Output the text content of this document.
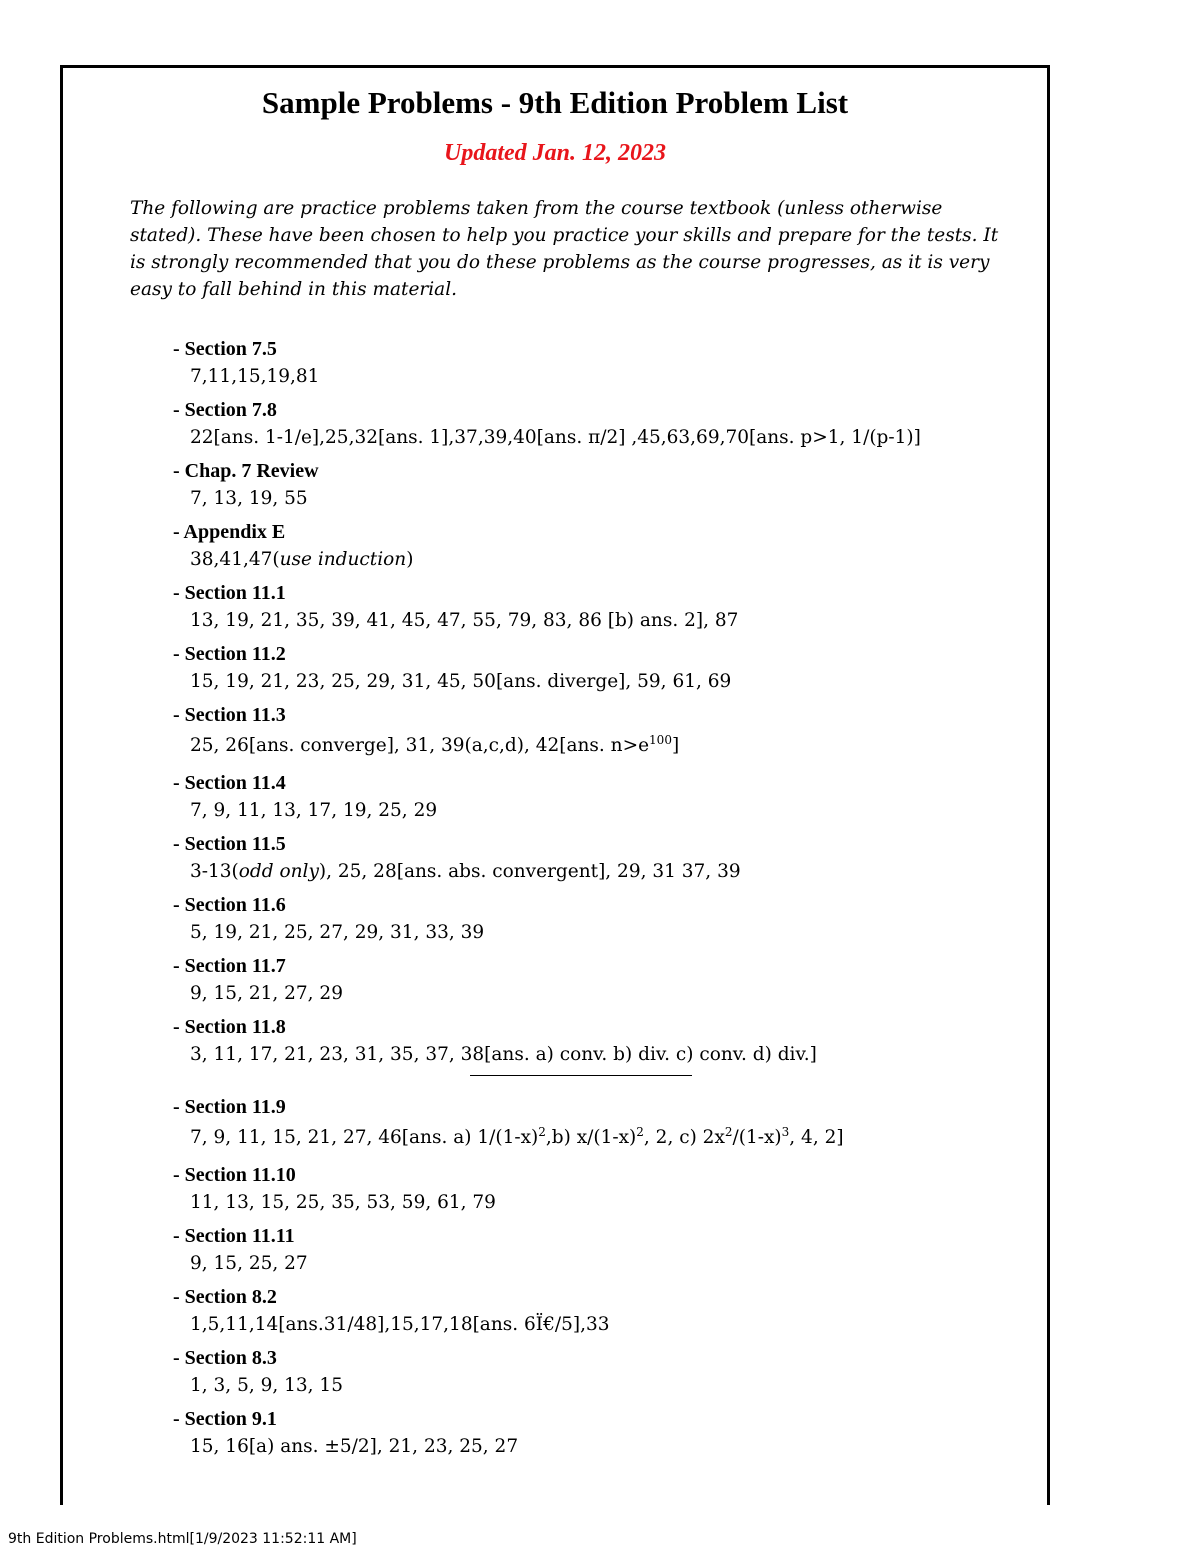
Sample Problems - 9th Edition Problem List
Updated Jan. 12, 2023
The following are practice problems taken from the course textbook (unless otherwise stated). These have been chosen to help you practice your skills and prepare for the tests. It is strongly recommended that you do these problems as the course progresses, as it is very easy to fall behind in this material.
- Section 7.5
7,11,15,19,81
- Section 7.8
22[ans. 1-1/e],25,32[ans. 1],37,39,40[ans. π/2] ,45,63,69,70[ans. p>1, 1/(p-1)]
- Chap. 7 Review
7, 13, 19, 55
- Appendix E
38,41,47(use induction)
- Section 11.1
13, 19, 21, 35, 39, 41, 45, 47, 55, 79, 83, 86 [b) ans. 2], 87
- Section 11.2
15, 19, 21, 23, 25, 29, 31, 45, 50[ans. diverge], 59, 61, 69
- Section 11.3
25, 26[ans. converge], 31, 39(a,c,d), 42[ans. $n>e^{100}$]
- Section 11.4
7, 9, 11, 13, 17, 19, 25, 29
- Section 11.5
3-13(odd only), 25, 28[ans. abs. convergent], 29, 31 37, 39
- Section 11.6
5, 19, 21, 25, 27, 29, 31, 33, 39
- Section 11.7
9, 15, 21, 27, 29
- Section 11.8
3, 11, 17, 21, 23, 31, 35, 37, 38[ans. a) conv. b) div. c) conv. d) div.]
- Section 11.9
7, 9, 11, 15, 21, 27, 46[ans. a) $1/(1-x)^2,b$) $x/(1-x)^2$, 2, c) $2x^2/(1-x)^3$, 4, 2]
- Section 11.10
11, 13, 15, 25, 35, 53, 59, 61, 79
- Section 11.11
9, 15, 25, 27
- Section 8.2
1,5,11,14[ans.31/48],15,17,18[ans. 6Ï€/5],33
- Section 8.3
1, 3, 5, 9, 13, 15
- Section 9.1
15, 16[a) ans. ±5/2], 21, 23, 25, 27
9th Edition Problems.html[1/9/2023 11:52:11 AM]
